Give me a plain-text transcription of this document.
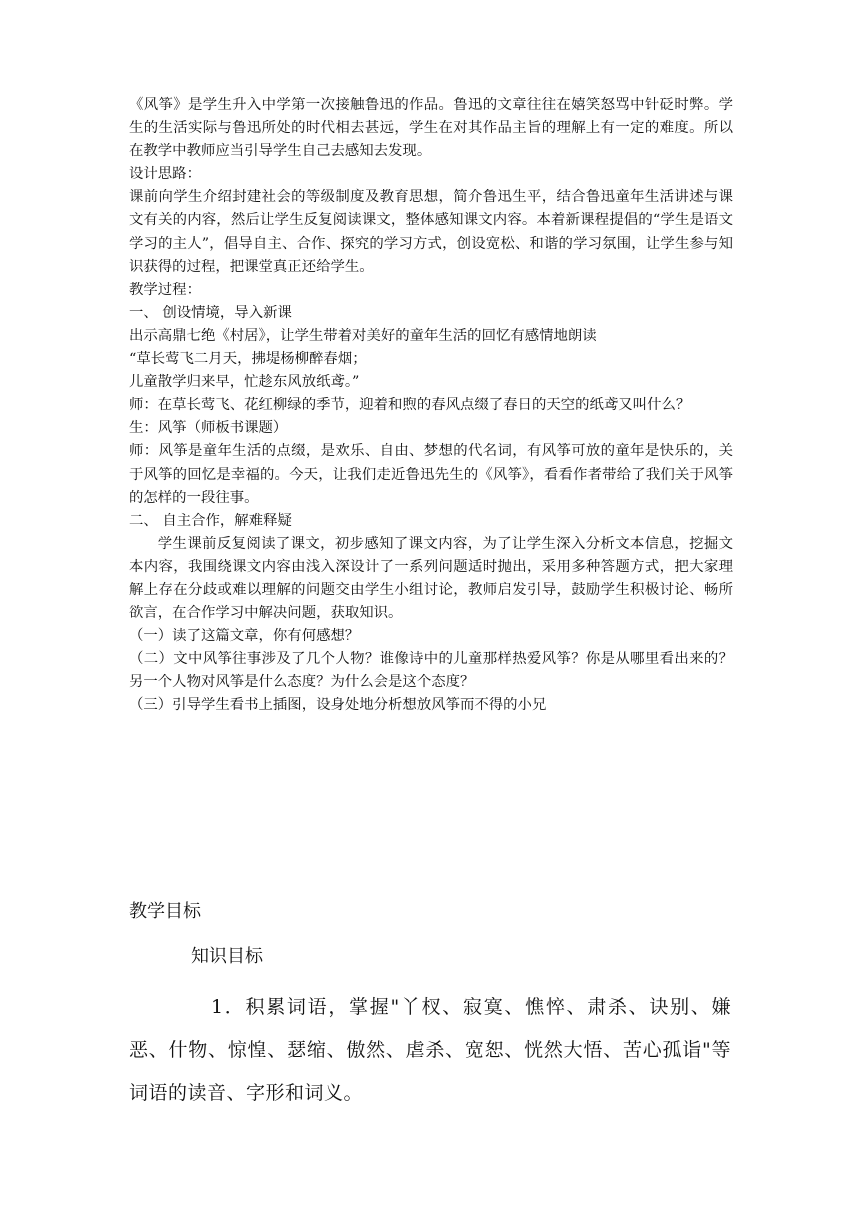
《风筝》是学生升入中学第一次接触鲁迅的作品。鲁迅的文章往往在嬉笑怒骂中针砭时弊。学生的生活实际与鲁迅所处的时代相去甚远，学生在对其作品主旨的理解上有一定的难度。所以在教学中教师应当引导学生自己去感知去发现。

设计思路：

课前向学生介绍封建社会的等级制度及教育思想，简介鲁迅生平，结合鲁迅童年生活讲述与课文有关的内容，然后让学生反复阅读课文，整体感知课文内容。本着新课程提倡的“学生是语文学习的主人”，倡导自主、合作、探究的学习方式，创设宽松、和谐的学习氛围，让学生参与知识获得的过程，把课堂真正还给学生。

教学过程：

一、 创设情境，导入新课

出示高鼎七绝《村居》，让学生带着对美好的童年生活的回忆有感情地朗读

“草长莺飞二月天，拂堤杨柳醉春烟；

儿童散学归来早，忙趁东风放纸鸢。”

师：在草长莺飞、花红柳绿的季节，迎着和煦的春风点缀了春日的天空的纸鸢又叫什么？

生：风筝（师板书课题）

师：风筝是童年生活的点缀，是欢乐、自由、梦想的代名词，有风筝可放的童年是快乐的，关于风筝的回忆是幸福的。今天，让我们走近鲁迅先生的《风筝》，看看作者带给了我们关于风筝的怎样的一段往事。

二、 自主合作，解难释疑

学生课前反复阅读了课文，初步感知了课文内容，为了让学生深入分析文本信息，挖掘文本内容，我围绕课文内容由浅入深设计了一系列问题适时抛出，采用多种答题方式，把大家理解上存在分歧或难以理解的问题交由学生小组讨论，教师启发引导，鼓励学生积极讨论、畅所欲言，在合作学习中解决问题，获取知识。

（一）读了这篇文章，你有何感想？

（二）文中风筝往事涉及了几个人物？谁像诗中的儿童那样热爱风筝？你是从哪里看出来的？另一个人物对风筝是什么态度？为什么会是这个态度？

（三）引导学生看书上插图，设身处地分析想放风筝而不得的小兄

教学目标

知识目标

1．积累词语，掌握"丫杈、寂寞、憔悴、肃杀、诀别、嫌恶、什物、惊惶、瑟缩、傲然、虐杀、宽恕、恍然大悟、苦心孤诣"等词语的读音、字形和词义。
